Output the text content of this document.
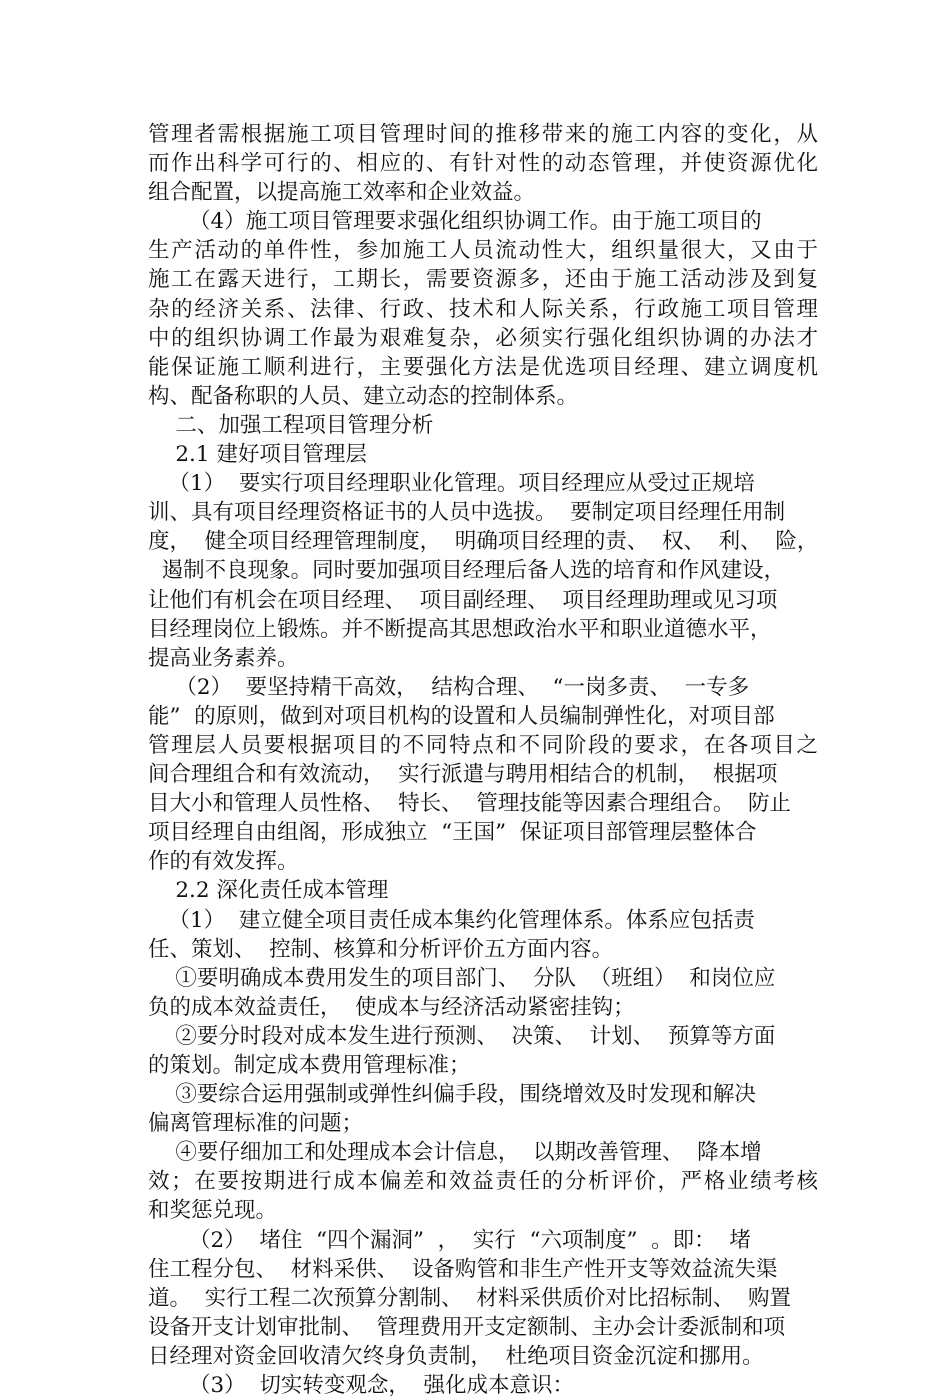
管理者需根据施工项目管理时间的推移带来的施工内容的变化，从
而作出科学可行的、相应的、有针对性的动态管理，并使资源优化
组合配置，以提高施工效率和企业效益。
（4）施工项目管理要求强化组织协调工作。由于施工项目的
生产活动的单件性，参加施工人员流动性大，组织量很大，又由于
施工在露天进行，工期长，需要资源多，还由于施工活动涉及到复
杂的经济关系、法律、行政、技术和人际关系，行政施工项目管理
中的组织协调工作最为艰难复杂，必须实行强化组织协调的办法才
能保证施工顺利进行，主要强化方法是优选项目经理、建立调度机
构、配备称职的人员、建立动态的控制体系。
二、加强工程项目管理分析
2.1 建好项目管理层
（1）  要实行项目经理职业化管理。项目经理应从受过正规培
训、具有项目经理资格证书的人员中选拔。  要制定项目经理任用制
度，  健全项目经理管理制度，  明确项目经理的责、  权、  利、  险，
遏制不良现象。同时要加强项目经理后备人选的培育和作风建设，
让他们有机会在项目经理、  项目副经理、  项目经理助理或见习项
目经理岗位上锻炼。并不断提高其思想政治水平和职业道德水平，
提高业务素养。
（2）  要坚持精干高效，  结构合理、  “一岗多责、  一专多
能”  的原则，做到对项目机构的设置和人员编制弹性化，对项目部
管理层人员要根据项目的不同特点和不同阶段的要求，在各项目之
间合理组合和有效流动，  实行派遣与聘用相结合的机制，  根据项
目大小和管理人员性格、  特长、  管理技能等因素合理组合。  防止
项目经理自由组阁，形成独立  “王国”  保证项目部管理层整体合
作的有效发挥。
2.2 深化责任成本管理
（1）  建立健全项目责任成本集约化管理体系。体系应包括责
任、策划、  控制、核算和分析评价五方面内容。
①要明确成本费用发生的项目部门、  分队  （班组）  和岗位应
负的成本效益责任，  使成本与经济活动紧密挂钩；
②要分时段对成本发生进行预测、  决策、  计划、  预算等方面
的策划。制定成本费用管理标准；
③要综合运用强制或弹性纠偏手段，围绕增效及时发现和解决
偏离管理标准的问题；
④要仔细加工和处理成本会计信息，  以期改善管理、  降本增
效；在要按期进行成本偏差和效益责任的分析评价，严格业绩考核
和奖惩兑现。
（2）  堵住  “四个漏洞”  ，  实行  “六项制度”  。即：  堵
住工程分包、  材料采供、  设备购管和非生产性开支等效益流失渠
道。  实行工程二次预算分割制、  材料采供质价对比招标制、  购置
设备开支计划审批制、  管理费用开支定额制、主办会计委派制和项
日经理对资金回收清欠终身负责制，  杜绝项目资金沉淀和挪用。
（3）  切实转变观念，  强化成本意识：
